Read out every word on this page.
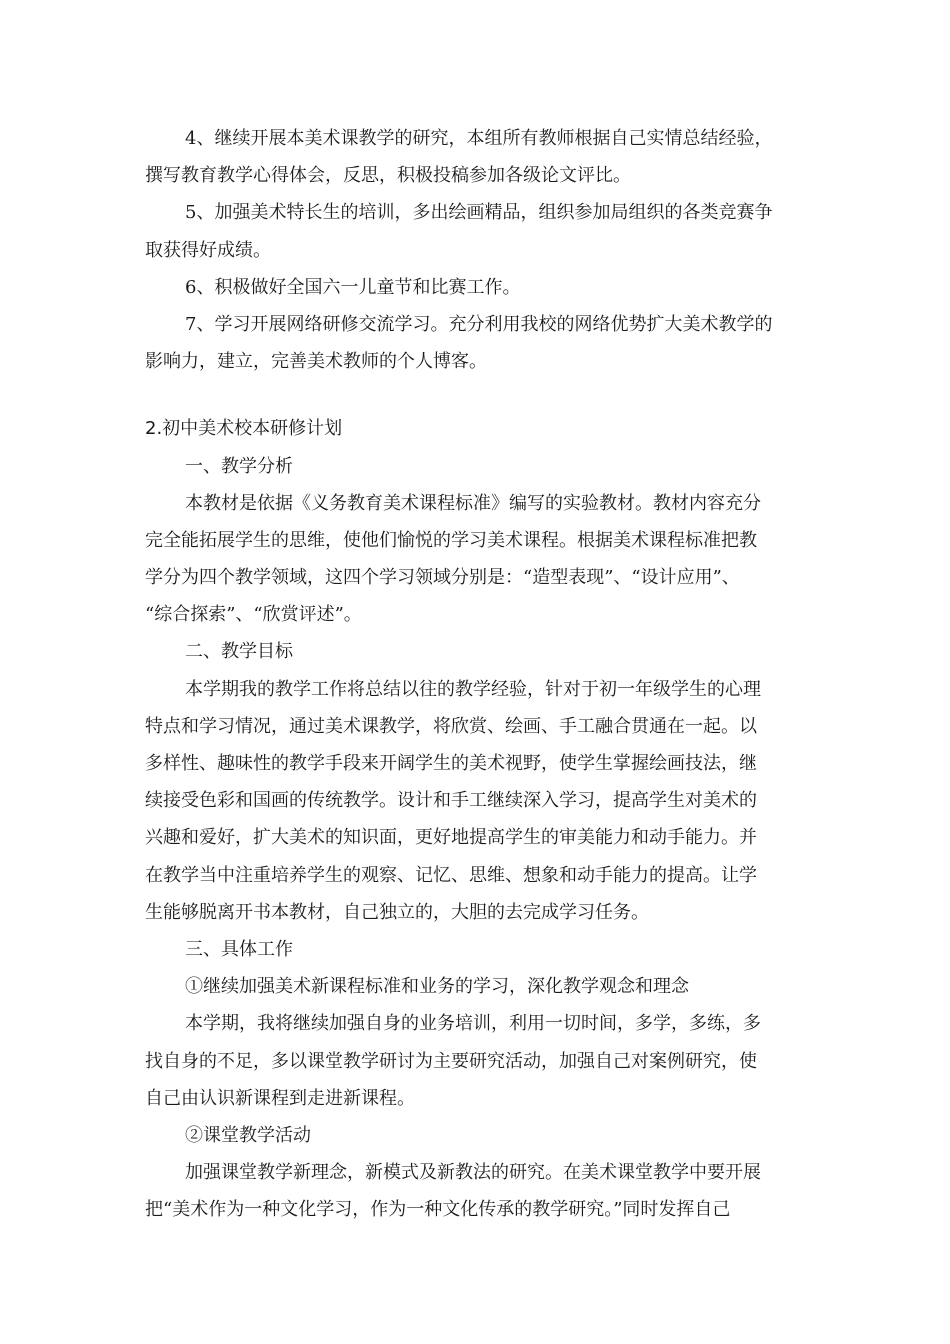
4、继续开展本美术课教学的研究，本组所有教师根据自己实情总结经验，
撰写教育教学心得体会，反思，积极投稿参加各级论文评比。
5、加强美术特长生的培训，多出绘画精品，组织参加局组织的各类竞赛争
取获得好成绩。
6、积极做好全国六一儿童节和比赛工作。
7、学习开展网络研修交流学习。充分利用我校的网络优势扩大美术教学的
影响力，建立，完善美术教师的个人博客。
2.初中美术校本研修计划
一、教学分析
本教材是依据《义务教育美术课程标准》编写的实验教材。教材内容充分
完全能拓展学生的思维，使他们愉悦的学习美术课程。根据美术课程标准把教
学分为四个教学领域，这四个学习领域分别是：“造型表现”、“设计应用”、
“综合探索”、“欣赏评述”。
二、教学目标
本学期我的教学工作将总结以往的教学经验，针对于初一年级学生的心理
特点和学习情况，通过美术课教学，将欣赏、绘画、手工融合贯通在一起。以
多样性、趣味性的教学手段来开阔学生的美术视野，使学生掌握绘画技法，继
续接受色彩和国画的传统教学。设计和手工继续深入学习，提高学生对美术的
兴趣和爱好，扩大美术的知识面，更好地提高学生的审美能力和动手能力。并
在教学当中注重培养学生的观察、记忆、思维、想象和动手能力的提高。让学
生能够脱离开书本教材，自己独立的，大胆的去完成学习任务。
三、具体工作
①继续加强美术新课程标准和业务的学习，深化教学观念和理念
本学期，我将继续加强自身的业务培训，利用一切时间，多学，多练，多
找自身的不足，多以课堂教学研讨为主要研究活动，加强自己对案例研究，使
自己由认识新课程到走进新课程。
②课堂教学活动
加强课堂教学新理念，新模式及新教法的研究。在美术课堂教学中要开展
把“美术作为一种文化学习，作为一种文化传承的教学研究。”同时发挥自己
